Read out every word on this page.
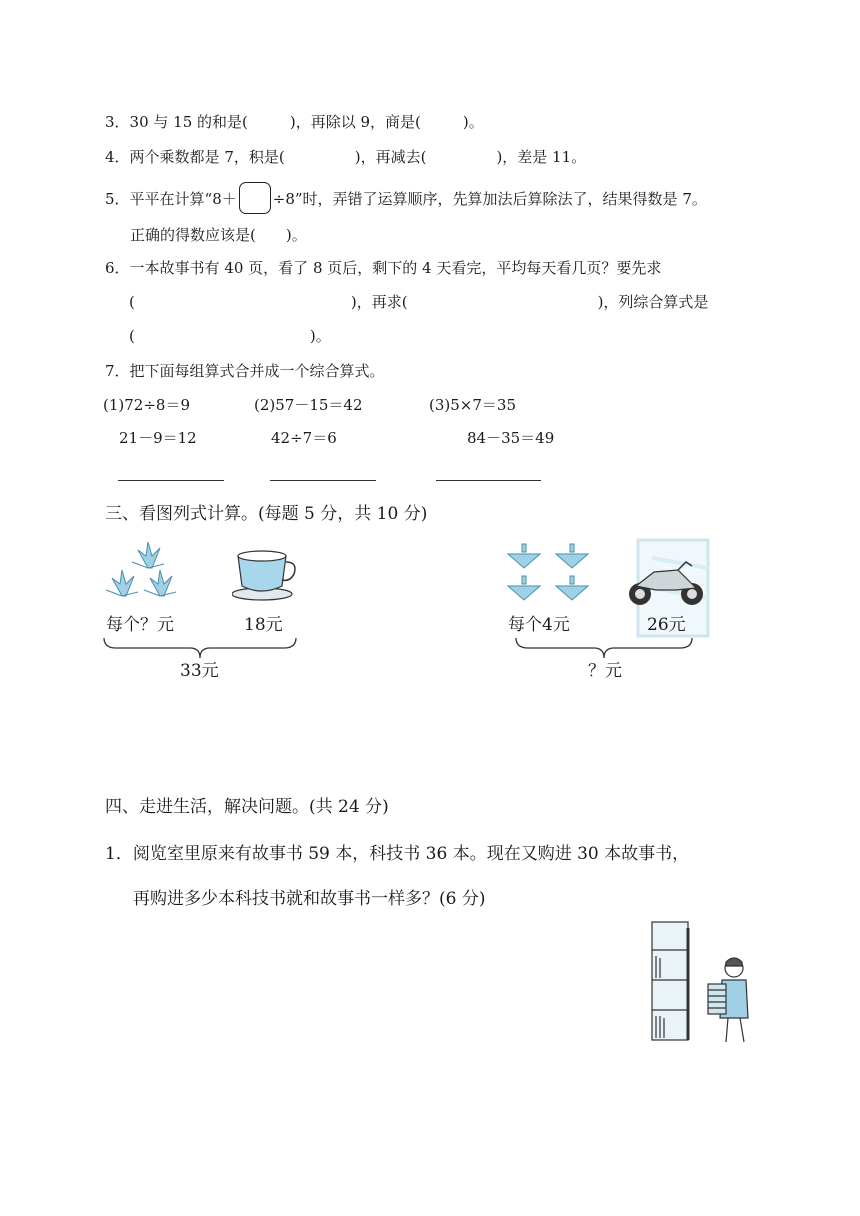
3．30 与 15 的和是(	)，再除以 9，商是(	)。
4．两个乘数都是 7，积是(	)，再减去(	)，差是 11。
5．平平在计算“8＋ ÷8”时，弄错了运算顺序，先算加法后算除法了，结果得数是 7。
正确的得数应该是(　　)。
6．一本故事书有 40 页，看了 8 页后，剩下的 4 天看完，平均每天看几页？要先求
(	)，再求(	)，列综合算式是
(	)。
7．把下面每组算式合并成一个综合算式。
(1)72÷8＝9
21－9＝12
(2)57－15＝42
42÷7＝6
(3)5×7＝35
84－35＝49
三、看图列式计算。(每题 5 分，共 10 分)
每个？元	18元
33元
每个4元	26元
？元
四、走进生活，解决问题。(共 24 分)
1．阅览室里原来有故事书 59 本，科技书 36 本。现在又购进 30 本故事书，
再购进多少本科技书就和故事书一样多？(6 分)
